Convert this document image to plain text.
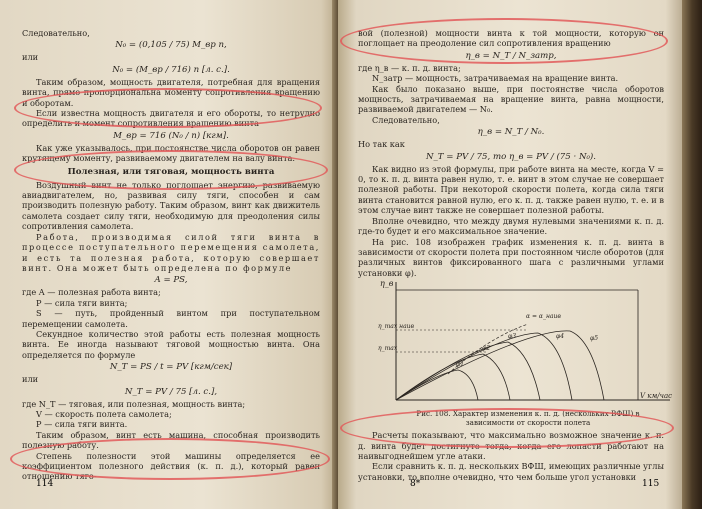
Следовательно,

N₀ = (0,105 / 75) M_вр n,

или

N₀ = (M_вр / 716) n [л. с.].

Таким образом, мощность двигателя, потребная для вращения винта, прямо пропорциональна моменту сопротивления вращению и оборотам.

Если известна мощность двигателя и его обороты, то нетрудно определить и момент сопротивления вращению винта

M_вр = 716 (N₀ / n) [кгм].

Как уже указывалось, при постоянстве числа оборотов он равен крутящему моменту, развиваемому двигателем на валу винта.

Полезная, или тяговая, мощность винта

Воздушный винт не только поглощает энергию, развиваемую авиадвигателем, но, развивая силу тяги, способен и сам производить полезную работу. Таким образом, винт как движитель самолета создает силу тяги, необходимую для преодоления силы сопротивления самолета.

Работа, производимая силой тяги винта в процессе поступательного перемещения самолета, и есть та полезная работа, которую совершает винт. Она может быть определена по формуле

A = PS,

где A — полезная работа винта;

P — сила тяги винта;

S — путь, пройденный винтом при поступательном перемещении самолета.

Секундное количество этой работы есть полезная мощность винта. Ее иногда называют тяговой мощностью винта. Она определяется по формуле

N_T = PS / t = PV [кгм/сек]

или

N_T = PV / 75 [л. с.],

где N_T — тяговая, или полезная, мощность винта;

V — скорость полета самолета;

P — сила тяги винта.

Таким образом, винт есть машина, способная производить полезную работу.

Степень полезности этой машины определяется ее коэффициентом полезного действия (к. п. д.), который равен отношению тяго-

вой (полезной) мощности винта к той мощности, которую он поглощает на преодоление сил сопротивления вращению

η_в = N_T / N_затр,

где η_в — к. п. д. винта;

N_затр — мощность, затрачиваемая на вращение винта.

Как было показано выше, при постоянстве числа оборотов мощность, затрачиваемая на вращение винта, равна мощности, развиваемой двигателем — N₀.

Следовательно,

η_в = N_T / N₀.

Но так как

N_T = PV / 75, то η_в = PV / (75 · N₀).

Как видно из этой формулы, при работе винта на месте, когда V = 0, то к. п. д. винта равен нулю, т. е. винт в этом случае не совершает полезной работы. При некоторой скорости полета, когда сила тяги винта становится равной нулю, его к. п. д. также равен нулю, т. е. и в этом случае винт также не совершает полезной работы.

Вполне очевидно, что между двумя нулевыми значениями к. п. д. где-то будет и его максимальное значение.

На рис. 108 изображен график изменения к. п. д. винта в зависимости от скорости полета при постоянном числе оборотов (для различных винтов фиксированного шага с различными углами установки φ).

η_в
V км/час
η_max наив
η_max
α = α_наив
φ1
φ2
φ3	φ4	φ5

Рис. 108. Характер изменения к. п. д. (нескольких ВФШ) в зависимости от скорости полета

Расчеты показывают, что максимально возможное значение к. п. д. винта будет достигнуто тогда, когда его лопасти работают на наивыгоднейшем угле атаки.

Если сравнить к. п. д. нескольких ВФШ, имеющих различные углы установки, то вполне очевидно, что чем больше угол установки

114	8*	115
